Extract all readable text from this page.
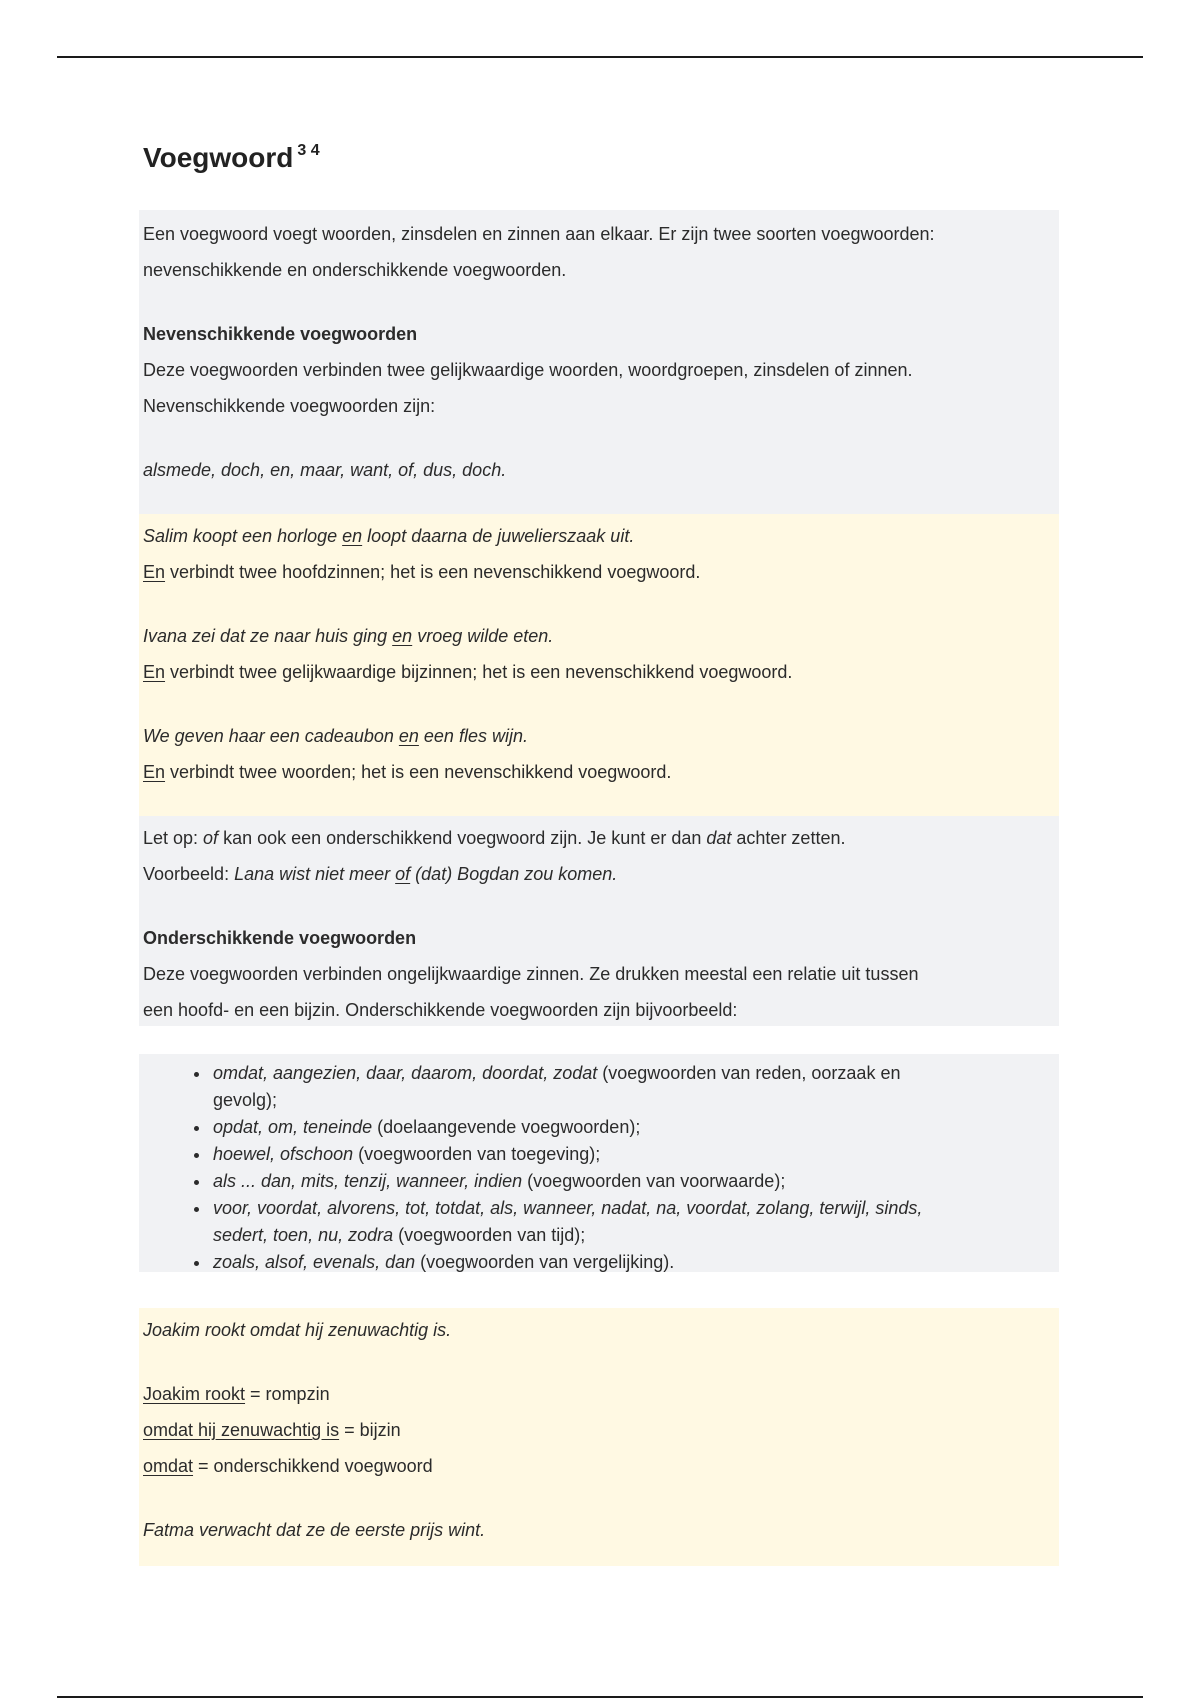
Voegwoord $^{3 4}$
Een voegwoord voegt woorden, zinsdelen en zinnen aan elkaar. Er zijn twee soorten voegwoorden:
nevenschikkende en onderschikkende voegwoorden.
Nevenschikkende voegwoorden
Deze voegwoorden verbinden twee gelijkwaardige woorden, woordgroepen, zinsdelen of zinnen.
Nevenschikkende voegwoorden zijn:
alsmede, doch, en, maar, want, of, dus, doch.
Salim koopt een horloge en loopt daarna de juwelierszaak uit.
En verbindt twee hoofdzinnen; het is een nevenschikkend voegwoord.
Ivana zei dat ze naar huis ging en vroeg wilde eten.
En verbindt twee gelijkwaardige bijzinnen; het is een nevenschikkend voegwoord.
We geven haar een cadeaubon en een fles wijn.
En verbindt twee woorden; het is een nevenschikkend voegwoord.
Let op: of kan ook een onderschikkend voegwoord zijn. Je kunt er dan dat achter zetten.
Voorbeeld: Lana wist niet meer of (dat) Bogdan zou komen.
Onderschikkende voegwoorden
Deze voegwoorden verbinden ongelijkwaardige zinnen. Ze drukken meestal een relatie uit tussen
een hoofd- en een bijzin. Onderschikkende voegwoorden zijn bijvoorbeeld:
• omdat, aangezien, daar, daarom, doordat, zodat (voegwoorden van reden, oorzaak en
gevolg);
• opdat, om, teneinde (doelaangevende voegwoorden);
• hoewel, ofschoon (voegwoorden van toegeving);
• als ... dan, mits, tenzij, wanneer, indien (voegwoorden van voorwaarde);
• voor, voordat, alvorens, tot, totdat, als, wanneer, nadat, na, voordat, zolang, terwijl, sinds,
sedert, toen, nu, zodra (voegwoorden van tijd);
• zoals, alsof, evenals, dan (voegwoorden van vergelijking).
Joakim rookt omdat hij zenuwachtig is.
Joakim rookt = rompzin
omdat hij zenuwachtig is = bijzin
omdat = onderschikkend voegwoord
Fatma verwacht dat ze de eerste prijs wint.
